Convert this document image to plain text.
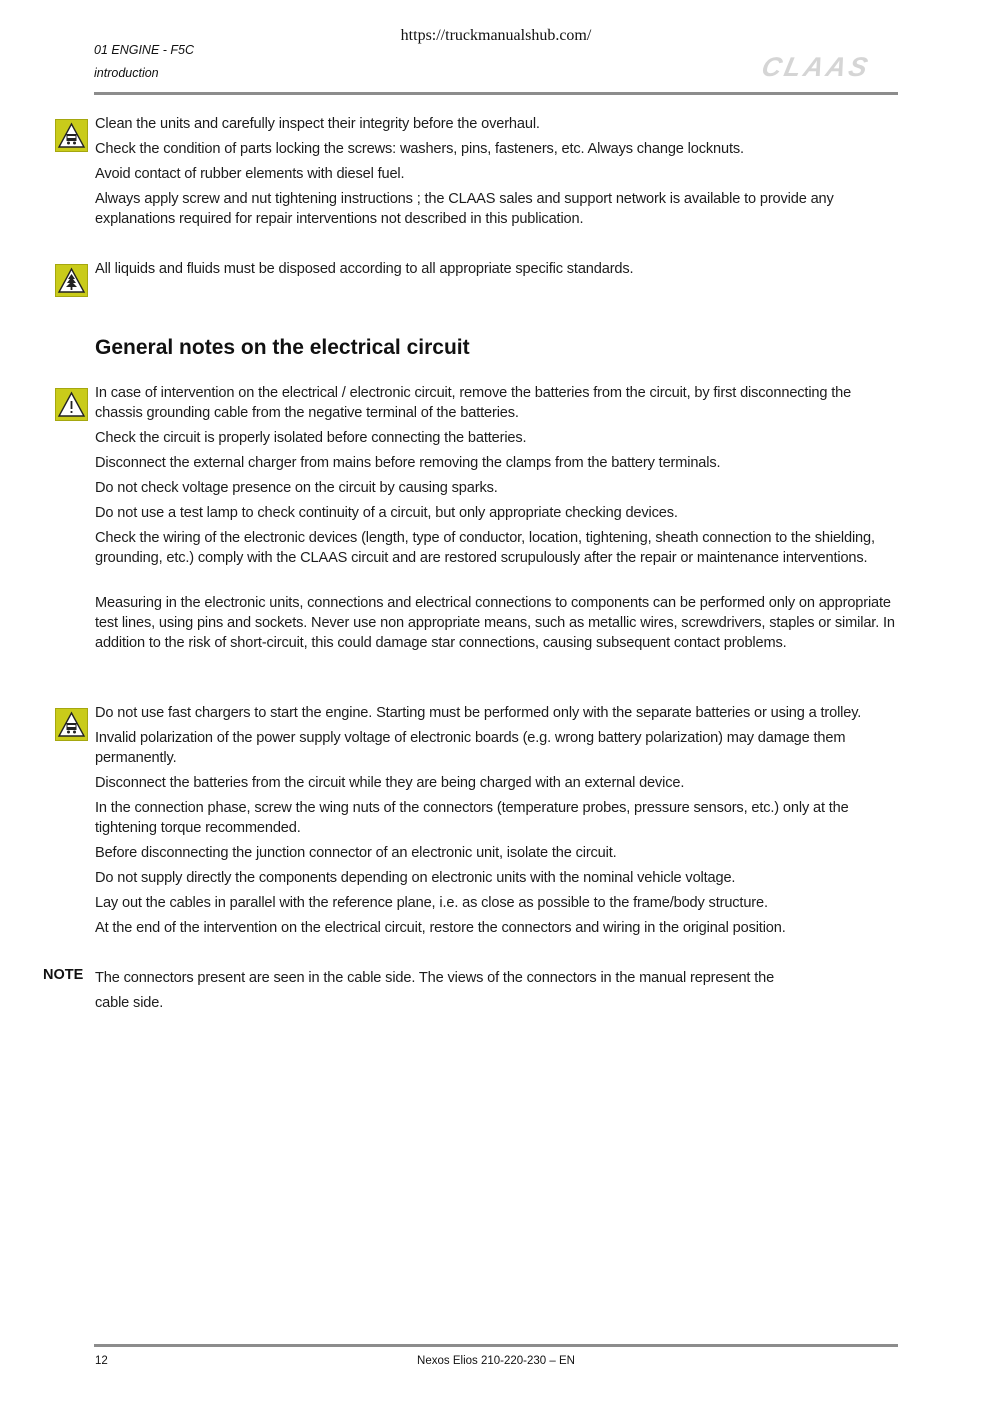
https://truckmanualshub.com/
01 ENGINE - F5C
introduction	CLAAS
Clean the units and carefully inspect their integrity before the overhaul.
Check the condition of parts locking the screws: washers, pins, fasteners, etc. Always change locknuts.
Avoid contact of rubber elements with diesel fuel.
Always apply screw and nut tightening instructions ; the CLAAS sales and support network is available to provide any explanations required for repair interventions not described in this publication.
All liquids and fluids must be disposed according to all appropriate specific standards.
General notes on the electrical circuit
In case of intervention on the electrical / electronic circuit, remove the batteries from the circuit, by first disconnecting the chassis grounding cable from the negative terminal of the batteries.
Check the circuit is properly isolated before connecting the batteries.
Disconnect the external charger from mains before removing the clamps from the battery terminals.
Do not check voltage presence on the circuit by causing sparks.
Do not use a test lamp to check continuity of a circuit, but only appropriate checking devices.
Check the wiring of the electronic devices (length, type of conductor, location, tightening, sheath connection to the shielding, grounding, etc.) comply with the CLAAS circuit and are restored scrupulously after the repair or maintenance interventions.
Measuring in the electronic units, connections and electrical connections to components can be performed only on appropriate test lines, using pins and sockets. Never use non appropriate means, such as metallic wires, screwdrivers, staples or similar. In addition to the risk of short-circuit, this could damage star connections, causing subsequent contact problems.
Do not use fast chargers to start the engine. Starting must be performed only with the separate batteries or using a trolley.
Invalid polarization of the power supply voltage of electronic boards (e.g. wrong battery polarization) may damage them permanently.
Disconnect the batteries from the circuit while they are being charged with an external device.
In the connection phase, screw the wing nuts of the connectors (temperature probes, pressure sensors, etc.) only at the tightening torque recommended.
Before disconnecting the junction connector of an electronic unit, isolate the circuit.
Do not supply directly the components depending on electronic units with the nominal vehicle voltage.
Lay out the cables in parallel with the reference plane, i.e. as close as possible to the frame/body structure.
At the end of the intervention on the electrical circuit, restore the connectors and wiring in the original position.
NOTE The connectors present are seen in the cable side. The views of the connectors in the manual represent the
cable side.
12	Nexos Elios 210-220-230 – EN
